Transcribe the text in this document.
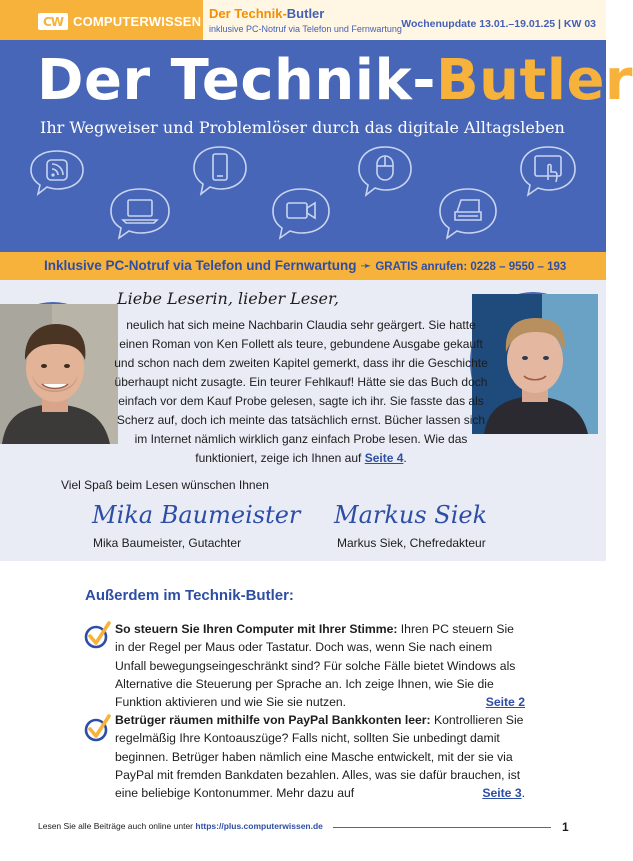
CW COMPUTERWISSEN
Der Technik-Butler
inklusive PC-Notruf via Telefon und Fernwartung Wochenupdate 13.01.–19.01.25 | KW 03
Der Technik-Butler
Ihr Wegweiser und Problemlöser durch das digitale Alltagsleben
Inklusive PC-Notruf via Telefon und Fernwartung ➛ GRATIS anrufen: 0228 – 9550 – 193
Liebe Leserin, lieber Leser,
neulich hat sich meine Nachbarin Claudia sehr geärgert. Sie hatte einen Roman von Ken Follett als teure, gebundene Ausgabe gekauft und schon nach dem zweiten Kapitel gemerkt, dass ihr die Geschichte überhaupt nicht zusagte. Ein teurer Fehlkauf! Hätte sie das Buch doch einfach vor dem Kauf Probe gelesen, sagte ich ihr. Sie fasste das als Scherz auf, doch ich meinte das tatsächlich ernst. Bücher lassen sich im Internet nämlich wirklich ganz einfach Probe lesen. Wie das funktioniert, zeige ich Ihnen auf Seite 4.
Viel Spaß beim Lesen wünschen Ihnen
Mika Baumeister Markus Siek
Mika Baumeister, Gutachter	Markus Siek, Chefredakteur
Außerdem im Technik-Butler:
So steuern Sie Ihren Computer mit Ihrer Stimme: Ihren PC steuern Sie in der Regel per Maus oder Tastatur. Doch was, wenn Sie nach einem Unfall bewegungseingeschränkt sind? Für solche Fälle bietet Windows als Alternative die Steuerung per Sprache an. Ich zeige Ihnen, wie Sie die Funktion aktivieren und wie Sie sie nutzen.	Seite 2
Betrüger räumen mithilfe von PayPal Bankkonten leer: Kontrollieren Sie regelmäßig Ihre Kontoauszüge? Falls nicht, sollten Sie unbedingt damit beginnen. Betrüger haben nämlich eine Masche entwickelt, mit der sie via PayPal mit fremden Bankdaten bezahlen. Alles, was sie dafür brauchen, ist eine beliebige Kontonummer. Mehr dazu auf	Seite 3.
Lesen Sie alle Beiträge auch online unter https://plus.computerwissen.de	1
